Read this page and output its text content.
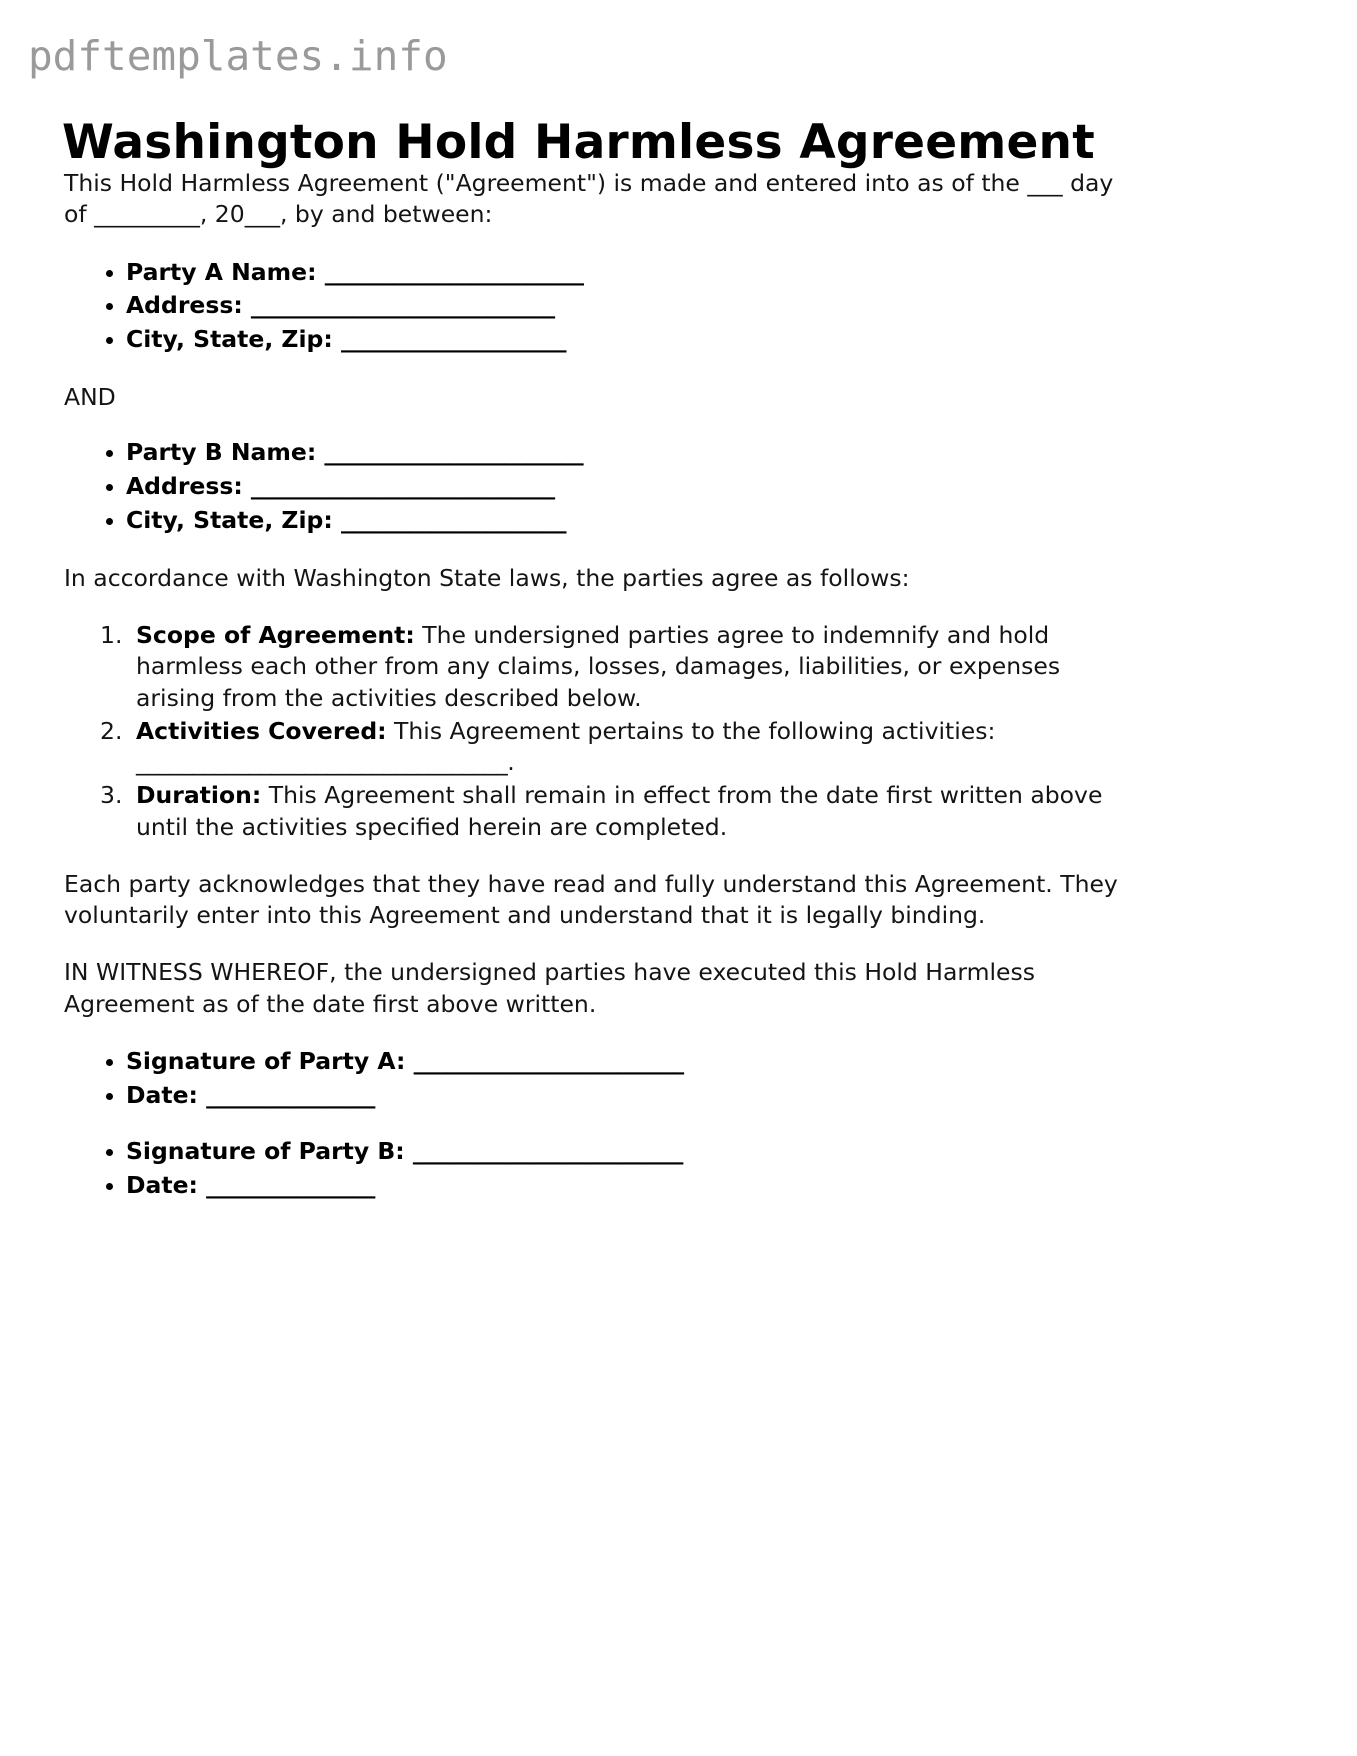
pdftemplates.info
Washington Hold Harmless Agreement

This Hold Harmless Agreement ("Agreement") is made and entered into as of the ___ day of _________, 20___, by and between:

Party A Name: _______________________
Address: ___________________________
City, State, Zip: ____________________

AND

Party B Name: _______________________
Address: ___________________________
City, State, Zip: ____________________

In accordance with Washington State laws, the parties agree as follows:

Scope of Agreement: The undersigned parties agree to indemnify and hold harmless each other from any claims, losses, damages, liabilities, or expenses arising from the activities described below.
Activities Covered: This Agreement pertains to the following activities: _________________________________.
Duration: This Agreement shall remain in effect from the date first written above until the activities specified herein are completed.

Each party acknowledges that they have read and fully understand this Agreement. They voluntarily enter into this Agreement and understand that it is legally binding.

IN WITNESS WHEREOF, the undersigned parties have executed this Hold Harmless Agreement as of the date first above written.

Signature of Party A: ________________________
Date: _______________
Signature of Party B: ________________________
Date: _______________
